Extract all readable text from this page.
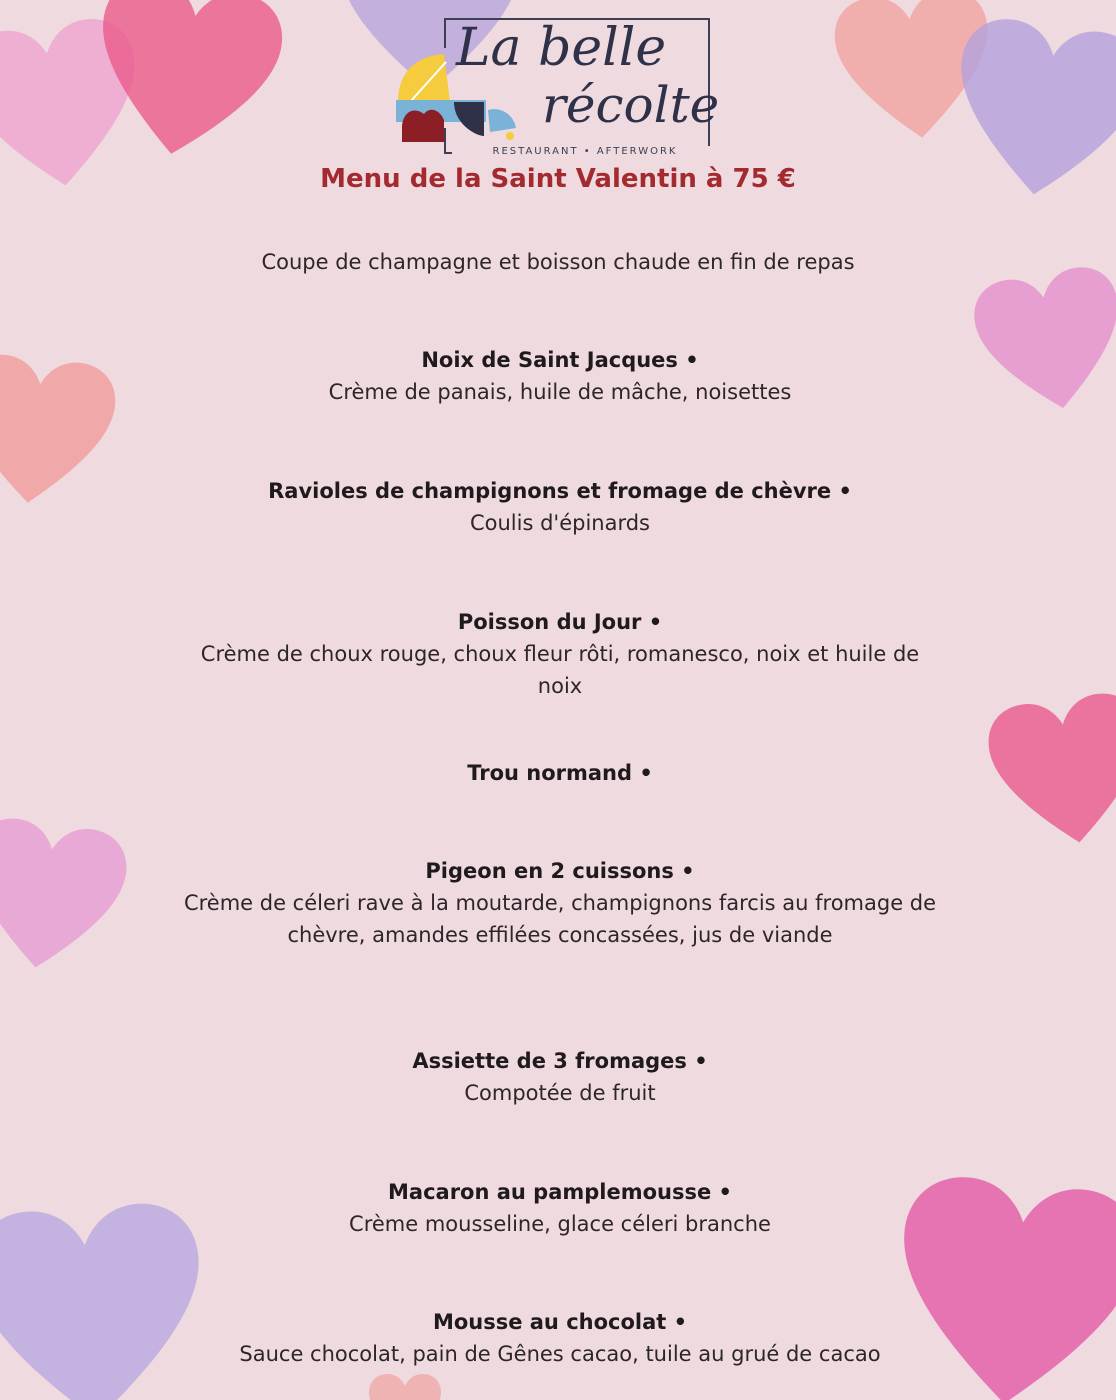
La belle
récolte
RESTAURANT • AFTERWORK
Menu de la Saint Valentin à 75 €
Coupe de champagne et boisson chaude en fin de repas
Noix de Saint Jacques •
Crème de panais, huile de mâche, noisettes
Ravioles de champignons et fromage de chèvre •
Coulis d'épinards
Poisson du Jour •
Crème de choux rouge, choux fleur rôti, romanesco, noix et huile de noix
Trou normand •
Pigeon en 2 cuissons •
Crème de céleri rave à la moutarde, champignons farcis au fromage de chèvre, amandes effilées concassées, jus de viande
Assiette de 3 fromages •
Compotée de fruit
Macaron au pamplemousse •
Crème mousseline, glace céleri branche
Mousse au chocolat •
Sauce chocolat, pain de Gênes cacao, tuile au grué de cacao
